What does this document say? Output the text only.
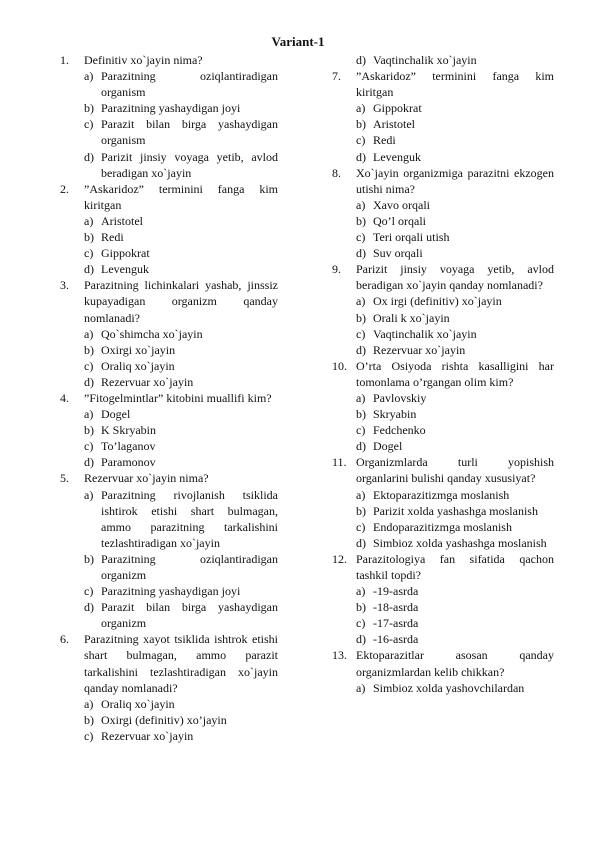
Variant-1
1.	Definitiv xo`jayin nima?
a) Parazitning oziqlantiradigan organism
b) Parazitning yashaydigan joyi
c) Parazit bilan birga yashaydigan organism
d) Parizit jinsiy voyaga yetib, avlod beradigan xo`jayin
2.	”Askaridoz” terminini fanga kim kiritgan
a) Aristotel
b) Redi
c) Gippokrat
d) Levenguk
3.	Parazitning lichinkalari yashab, jinssiz kupayadigan organizm qanday nomlanadi?
a) Qo`shimcha xo`jayin
b) Oxirgi xo`jayin
c) Oraliq xo`jayin
d) Rezervuar xo`jayin
4.	”Fitogelmintlar” kitobini muallifi kim?
a) Dogel
b) K Skryabin
c) To’laganov
d) Paramonov
5.	Rezervuar xo`jayin nima?
a) Parazitning rivojlanish tsiklida ishtirok etishi shart bulmagan, ammo parazitning tarkalishini tezlashtiradigan xo`jayin
b) Parazitning oziqlantiradigan organizm
c) Parazitning yashaydigan joyi
d) Parazit bilan birga yashaydigan organizm
6.	Parazitning xayot tsiklida ishtrok etishi shart bulmagan, ammo parazit tarkalishini tezlashtiradigan xo`jayin qanday nomlanadi?
a) Oraliq xo`jayin
b) Oxirgi (definitiv) xo’jayin
c) Rezervuar xo`jayin
d) Vaqtinchalik xo`jayin
7.	”Askaridoz” terminini fanga kim kiritgan
a) Gippokrat
b) Aristotel
c) Redi
d) Levenguk
8.	Xo`jayin organizmiga parazitni ekzogen utishi nima?
a) Xavo orqali
b) Qo’l orqali
c) Teri orqali utish
d) Suv orqali
9.	Parizit jinsiy voyaga yetib, avlod beradigan xo`jayin qanday nomlanadi?
a) Ox irgi (definitiv) xo`jayin
b) Orali k xo`jayin
c) Vaqtinchalik xo`jayin
d) Rezervuar xo`jayin
10. O’rta Osiyoda rishta kasalligini har tomonlama o’rgangan olim kim?
a) Pavlovskiy
b) Skryabin
c) Fedchenko
d) Dogel
11. Organizmlarda turli yopishish organlarini bulishi qanday xususiyat?
a) Ektoparazitizmga moslanish
b) Parizit xolda yashashga moslanish
c) Endoparazitizmga moslanish
d) Simbioz xolda yashashga moslanish
12. Parazitologiya fan sifatida qachon tashkil topdi?
a) -19-asrda
b) -18-asrda
c) -17-asrda
d) -16-asrda
13. Ektoparazitlar asosan qanday organizmlardan kelib chikkan?
a) Simbioz xolda yashovchilardan
